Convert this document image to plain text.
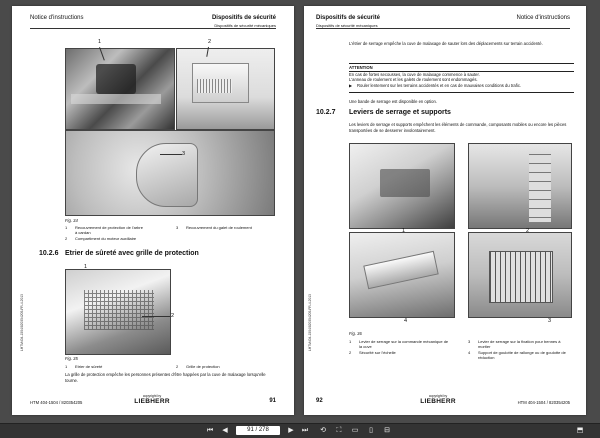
Notice d'instructions	Dispositifs de sécurité
Dispositifs de sécurité mécaniques
1	2
3
Fig. 34
1 Recouvrement de protection de l'arbre à cardan
2 Compartiment du moteur auxiliaire
3 Recouvrement du galet de roulement
10.2.6 Etrier de sûreté avec grille de protection
1
2
Fig. 35
1 Etrier de sûreté	2 Grille de protection
La grille de protection empêche les personnes présentes d'être happées par la cuve de malaxage lorsqu'elle tourne.
LHTM404-1504/820354205-FR-4.2013
HTM 404-1504 / 820354205
copyright by
LIEBHERR	91
Dispositifs de sécurité	Notice d'instructions
Dispositifs de sécurité mécaniques
L'étrier de serrage empêche la cuve de malaxage de sauter lors des déplacements sur terrain accidenté.
ATTENTION
En cas de fortes secousses, la cuve de malaxage commence à sauter.
L'anneau de roulement et les galets de roulement sont endommagés.
▶ Rouler lentement sur les terrains accidentés et en cas de mauvaises conditions du trafic.
Une bande de serrage est disponible en option.
10.2.7 Leviers de serrage et supports
Les leviers de serrage et supports empêchent les éléments de commande, composants mobiles ou encore les pièces transportées de se desserrer involontairement.
1	2
4	3
Fig. 36
1 Levier de serrage sur la commande mécanique de la cuve
2 Sécurité sur l'échelle
3 Levier de serrage sur la fixation pour bennes à mortier
4 Support de goulotte de rallonge ou de goulotte de réduction
LHTM404-1504/820354205-FR-4.2013
92
copyright by
LIEBHERR	HTM 404-1504 / 820354205
⏮	◀	91 / 278	▶	⏭ ⟲	⛶	▭	▯	⊟	⬒
